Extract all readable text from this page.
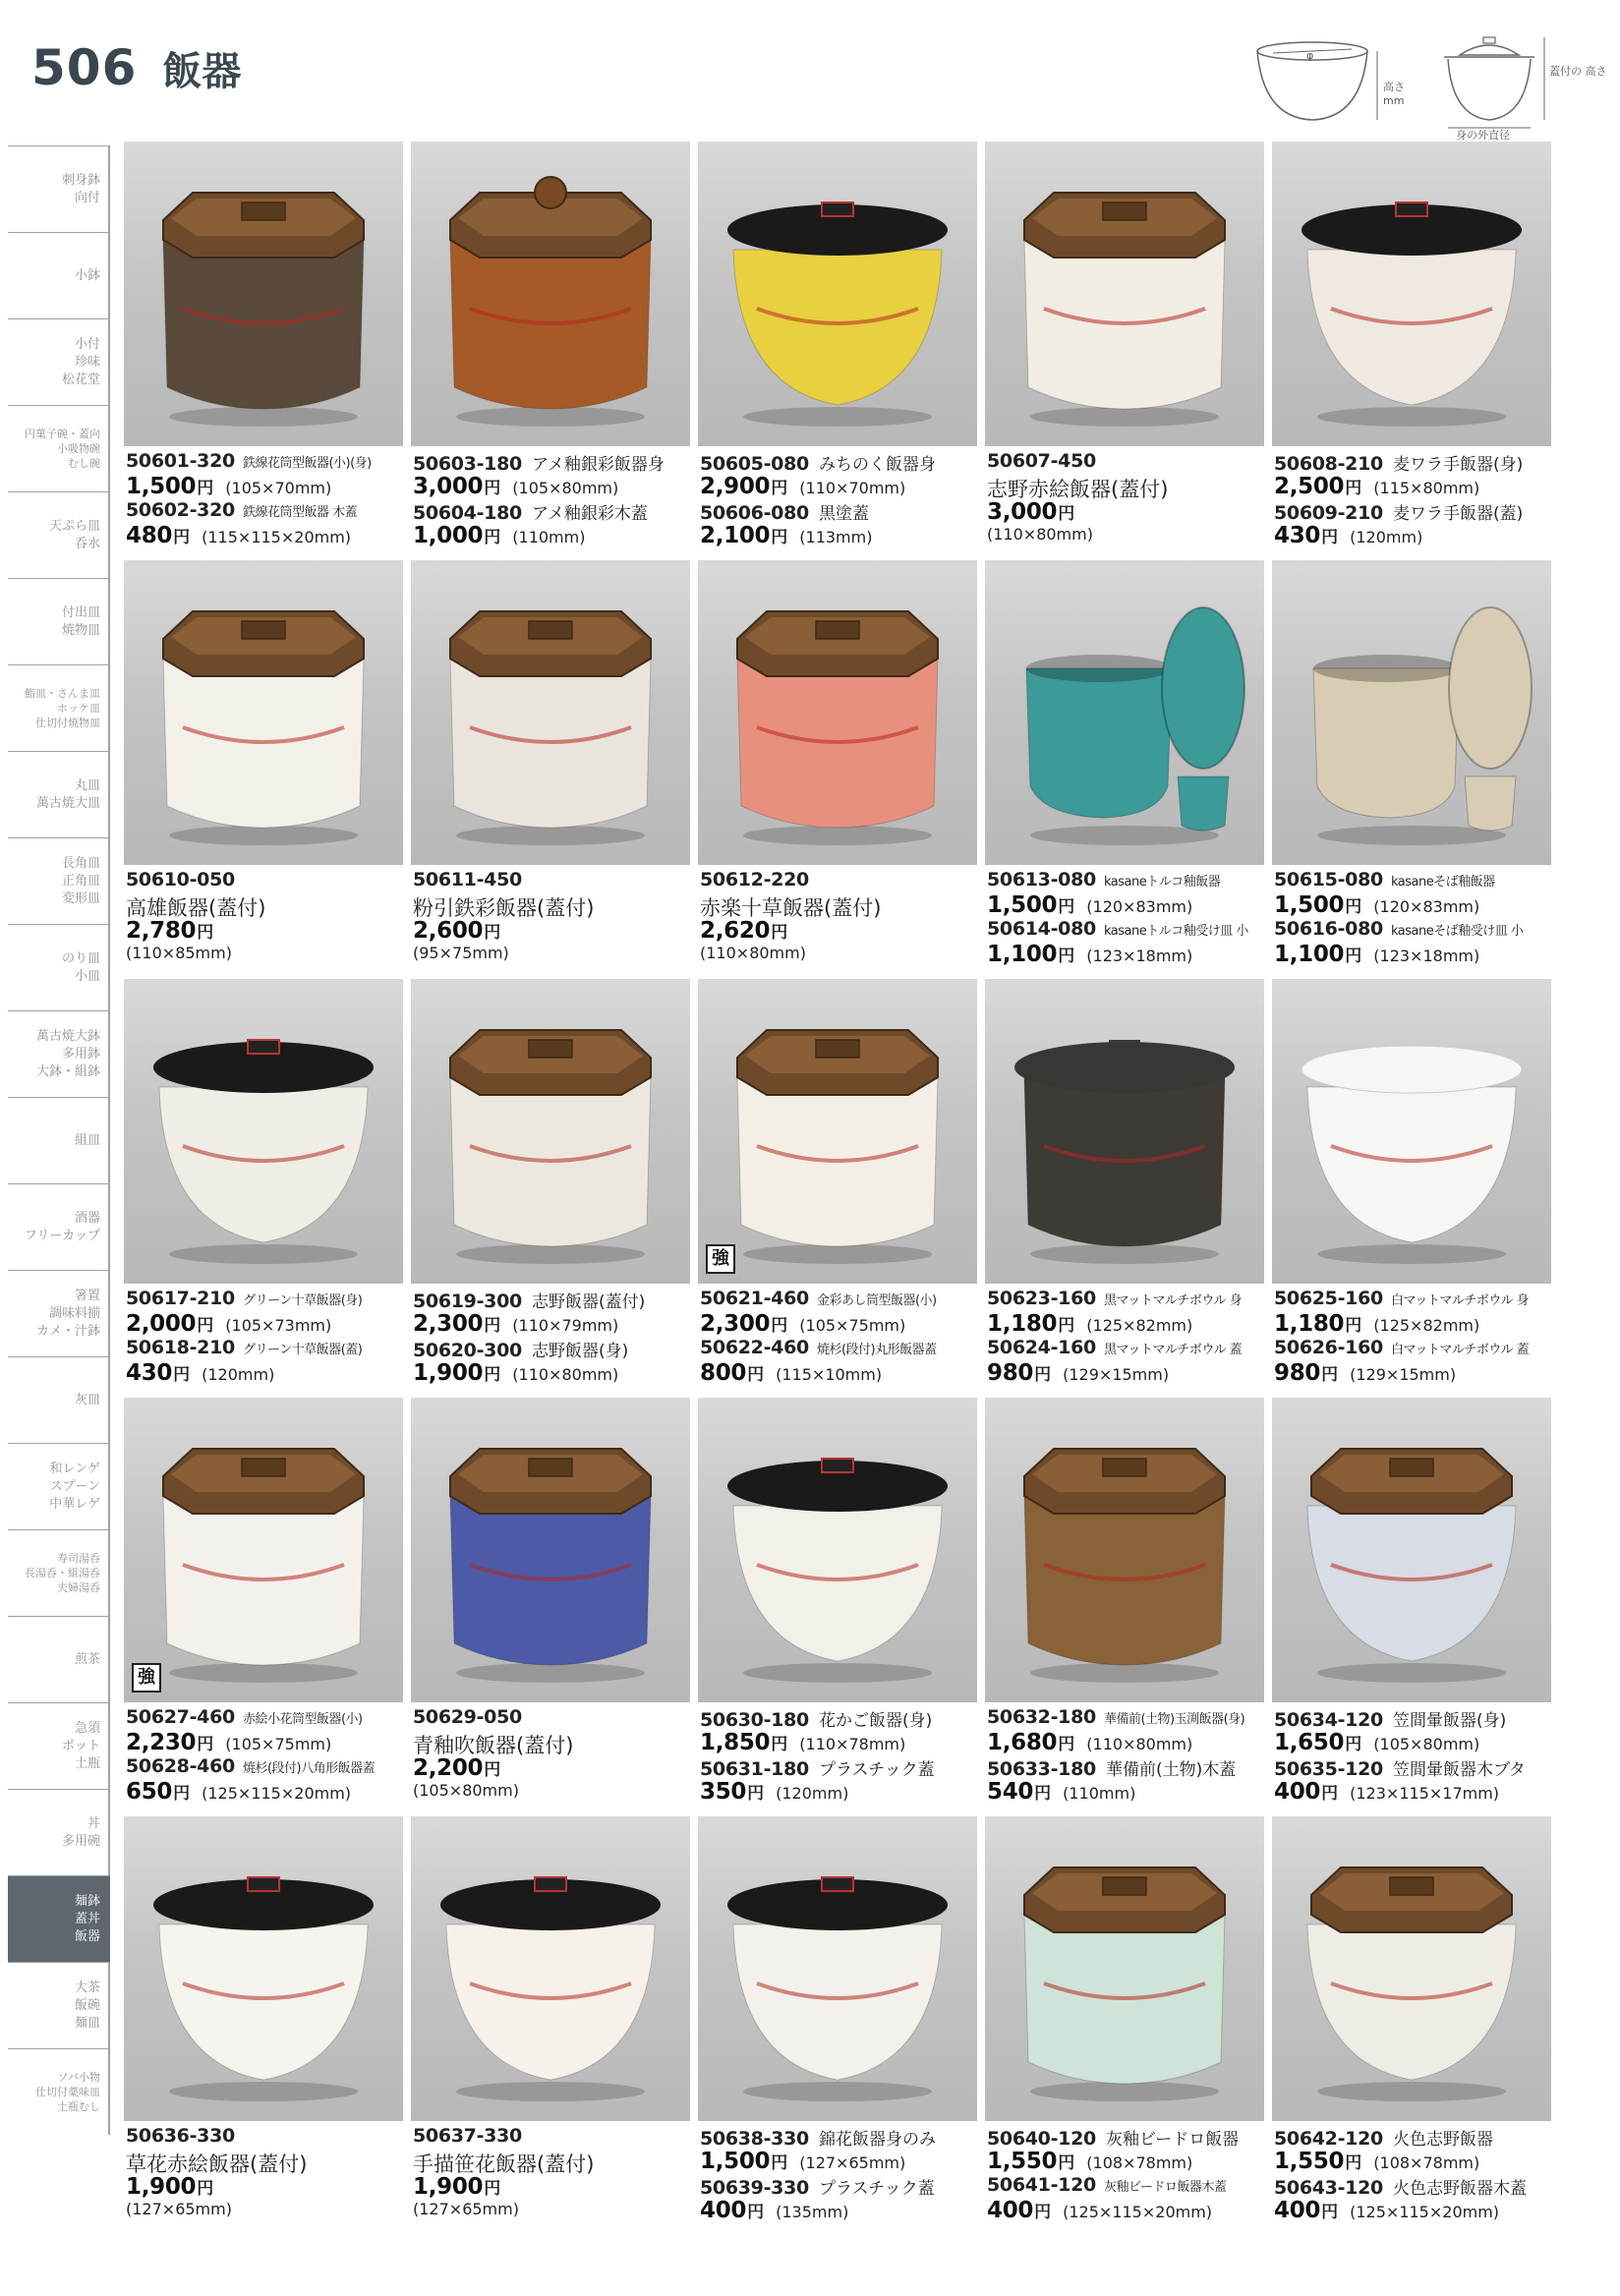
506 飯器	φ
高さ
mm
蓋付の 高さ
身の外直径
刺身鉢
向付
小鉢
小付
珍味
松花堂
円菓子碗・蓋向
小吸物碗
むし碗
天ぷら皿
呑水
付出皿
焼物皿
鮨皿・さんま皿
ホッケ皿
仕切付焼物皿
丸皿
萬古焼大皿
長角皿
正角皿
変形皿
のり皿
小皿
萬古焼大鉢
多用鉢
大鉢・組鉢
組皿
酒器
フリーカップ
箸置
調味料揃
カメ・汁鉢
灰皿
和レンゲ
スプーン
中華レゲ
寿司湯呑
長湯呑・組湯呑
夫婦湯呑
煎茶
急須
ポット
土瓶
丼
多用碗
麺鉢
蓋丼
飯器
大茶
飯碗
麺皿
ソバ小物
仕切付薬味皿
土瓶むし
50601-320 鉄線花筒型飯器(小)(身)
1,500 円 (105×70mm)
50602-320 鉄線花筒型飯器 木蓋
480 円 (115×115×20mm)
50603-180 アメ釉銀彩飯器身
3,000 円 (105×80mm)
50604-180 アメ釉銀彩木蓋
1,000 円 (110mm)
50605-080 みちのく飯器身
2,900 円 (110×70mm)
50606-080 黒塗蓋
2,100 円 (113mm)
50607-450
志野赤絵飯器(蓋付)
3,000 円
(110×80mm)
50608-210 麦ワラ手飯器(身)
2,500 円 (115×80mm)
50609-210 麦ワラ手飯器(蓋)
430 円 (120mm)
50610-050
高雄飯器(蓋付)
2,780 円
(110×85mm)
50611-450
粉引鉄彩飯器(蓋付)
2,600 円
(95×75mm)
50612-220
赤楽十草飯器(蓋付)
2,620 円
(110×80mm)
50613-080 kasaneトルコ釉飯器
1,500 円 (120×83mm)
50614-080 kasaneトルコ釉受け皿 小
1,100 円 (123×18mm)
50615-080 kasaneそば釉飯器
1,500 円 (120×83mm)
50616-080 kasaneそば釉受け皿 小
1,100 円 (123×18mm)
50617-210 グリーン十草飯器(身)
2,000 円 (105×73mm)
50618-210 グリーン十草飯器(蓋)
430 円 (120mm)
50619-300 志野飯器(蓋付)
2,300 円 (110×79mm)
50620-300 志野飯器(身)
1,900 円 (110×80mm)
強
50621-460 金彩あし筒型飯器(小)
2,300 円 (105×75mm)
50622-460 焼杉(段付)丸形飯器蓋
800 円 (115×10mm)
50623-160 黒マットマルチボウル 身
1,180 円 (125×82mm)
50624-160 黒マットマルチボウル 蓋
980 円 (129×15mm)
50625-160 白マットマルチボウル 身
1,180 円 (125×82mm)
50626-160 白マットマルチボウル 蓋
980 円 (129×15mm)
強
50627-460 赤絵小花筒型飯器(小)
2,230 円 (105×75mm)
50628-460 焼杉(段付)八角形飯器蓋
650 円 (125×115×20mm)
50629-050
青釉吹飯器(蓋付)
2,200 円
(105×80mm)
50630-180 花かご飯器(身)
1,850 円 (110×78mm)
50631-180 プラスチック蓋
350 円 (120mm)
50632-180 華備前(土物)玉渕飯器(身)
1,680 円 (110×80mm)
50633-180 華備前(土物)木蓋
540 円 (110mm)
50634-120 笠間暈飯器(身)
1,650 円 (105×80mm)
50635-120 笠間暈飯器木ブタ
400 円 (123×115×17mm)
50636-330
草花赤絵飯器(蓋付)
1,900 円
(127×65mm)
50637-330
手描笹花飯器(蓋付)
1,900 円
(127×65mm)
50638-330 錦花飯器身のみ
1,500 円 (127×65mm)
50639-330 プラスチック蓋
400 円 (135mm)
50640-120 灰釉ビードロ飯器
1,550 円 (108×78mm)
50641-120 灰釉ビードロ飯器木蓋
400 円 (125×115×20mm)
50642-120 火色志野飯器
1,550 円 (108×78mm)
50643-120 火色志野飯器木蓋
400 円 (125×115×20mm)
